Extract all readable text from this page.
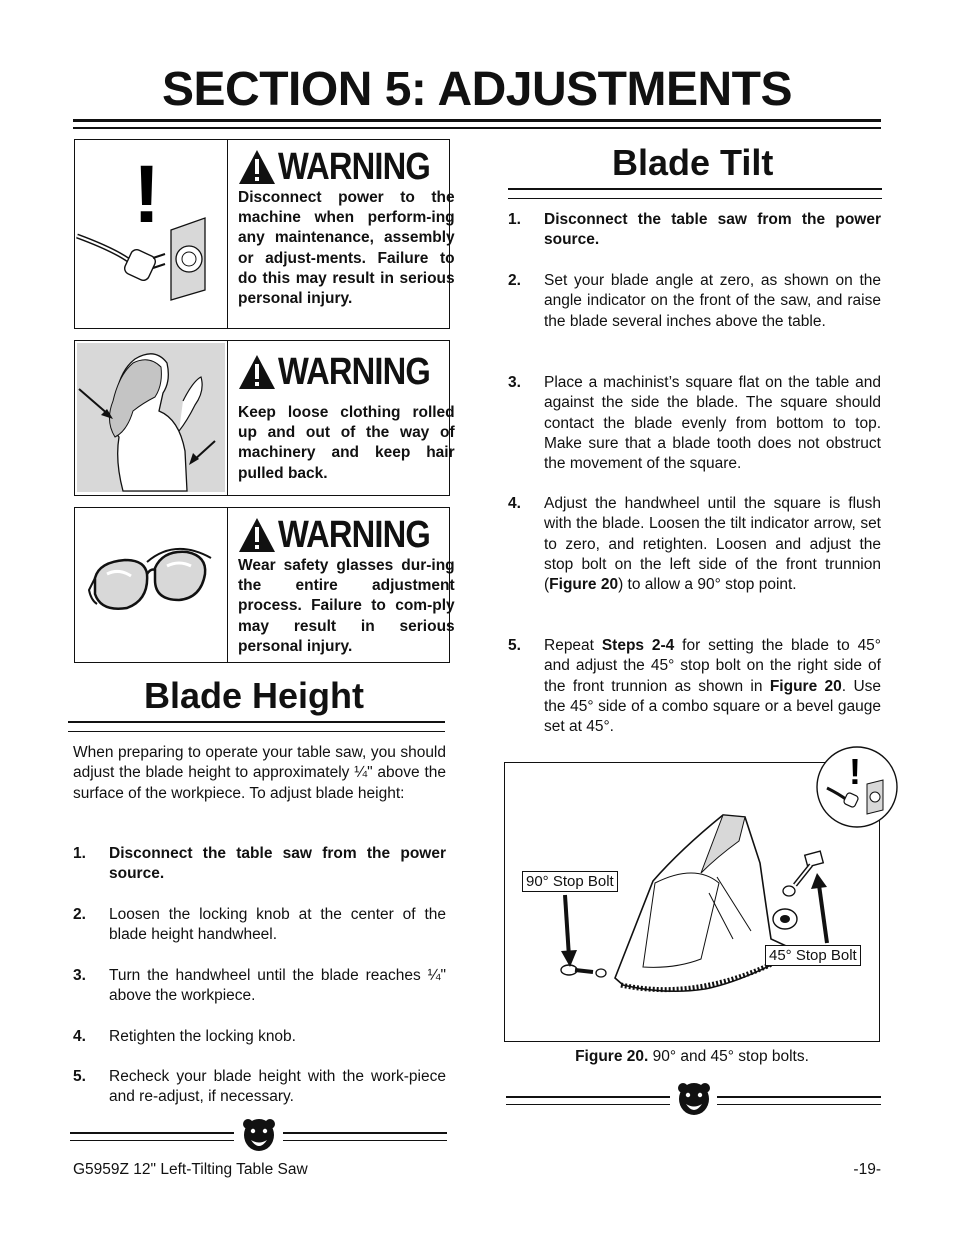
SECTION 5: ADJUSTMENTS
!	WARNING
Disconnect power to the machine when perform-ing any maintenance, assembly or adjust-ments. Failure to do this may result in serious personal injury.
WARNING
Keep loose clothing rolled up and out of the way of machinery and keep hair pulled back.
WARNING
Wear safety glasses dur-ing the entire adjustment process. Failure to com-ply may result in serious personal injury.
Blade Height
When preparing to operate your table saw, you should adjust the blade height to approximately ¼" above the surface of the workpiece. To adjust blade height:
1.	Disconnect the table saw from the power source.
2.	Loosen the locking knob at the center of the blade height handwheel.
3.	Turn the handwheel until the blade reaches ¼" above the workpiece.
4.	Retighten the locking knob.
5.	Recheck your blade height with the work-piece and re-adjust, if necessary.
Blade Tilt
1.	Disconnect the table saw from the power source.
2.	Set your blade angle at zero, as shown on the angle indicator on the front of the saw, and raise the blade several inches above the table.
3.	Place a machinist’s square flat on the table and against the side the blade. The square should contact the blade evenly from bottom to top. Make sure that a blade tooth does not obstruct the movement of the square.
4.	Adjust the handwheel until the square is flush with the blade. Loosen the tilt indicator arrow, set to zero, and retighten. Loosen and adjust the stop bolt on the left side of the front trunnion (Figure 20) to allow a 90° stop point.
5.	Repeat Steps 2-4 for setting the blade to 45° and adjust the 45° stop bolt on the right side of the front trunnion as shown in Figure 20. Use the 45° side of a combo square or a bevel gauge set at 45°.
90° Stop Bolt
45° Stop Bolt
!
Figure 20. 90° and 45° stop bolts.
G5959Z 12" Left-Tilting Table Saw	-19-
